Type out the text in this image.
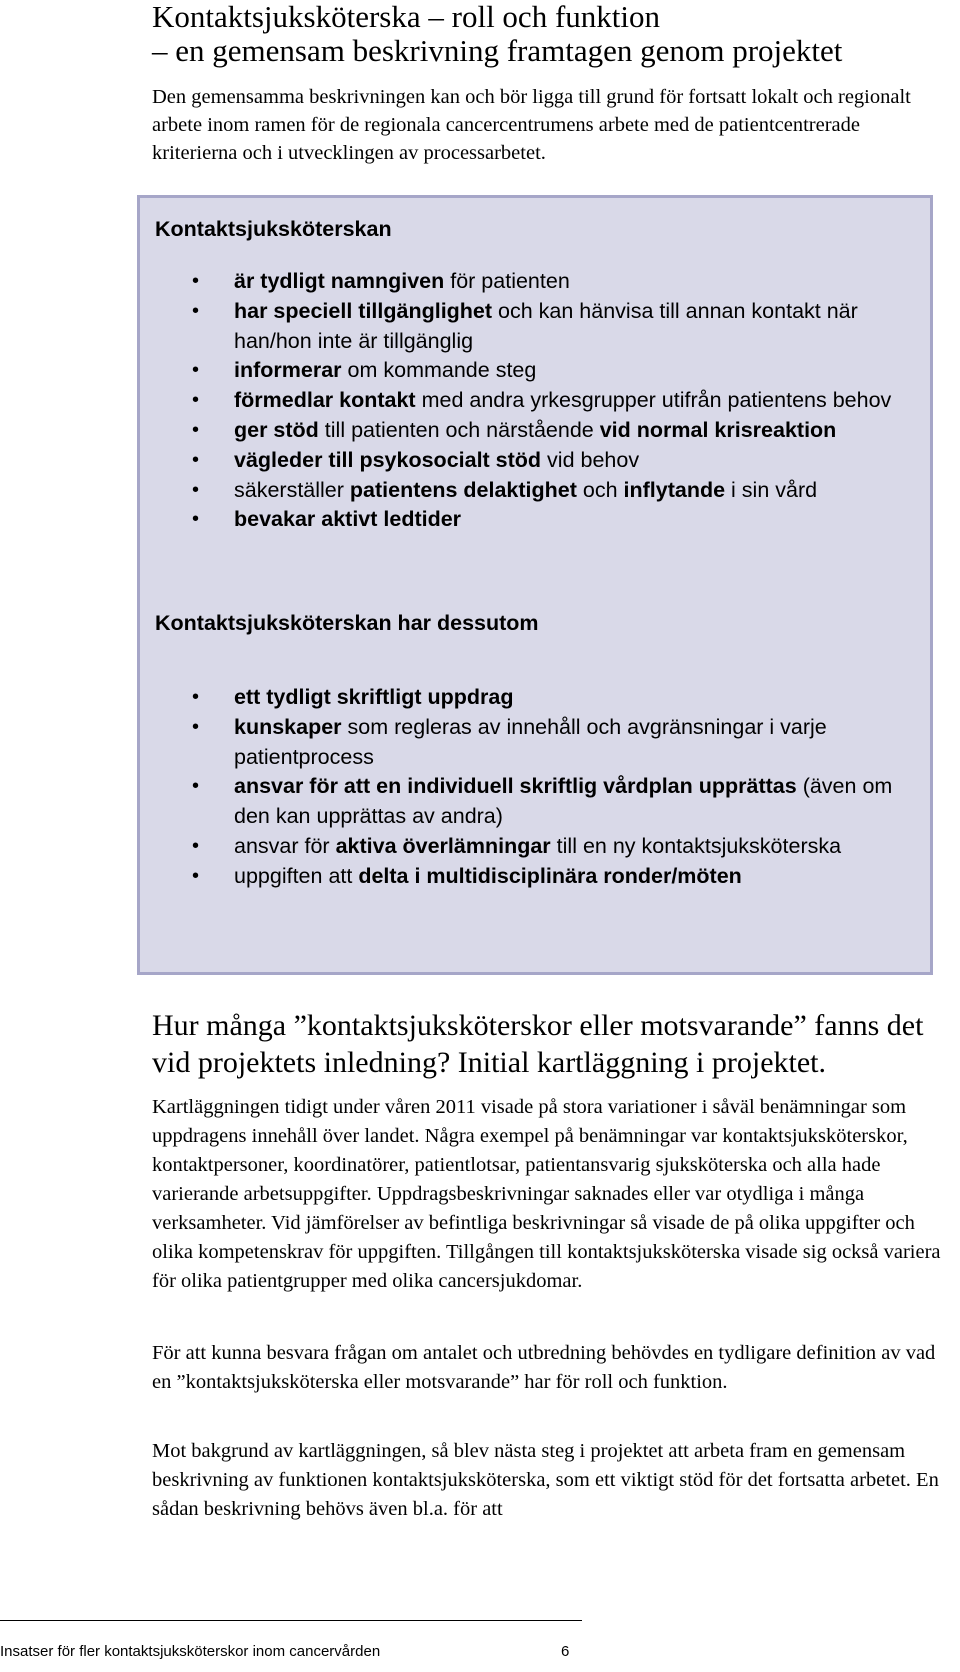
Kontaktsjuksköterska – roll och funktion
– en gemensam beskrivning framtagen genom projektet

Den gemensamma beskrivningen kan och bör ligga till grund för fortsatt lokalt och regionalt arbete inom ramen för de regionala cancercentrumens arbete med de patientcentrerade kriterierna och i utvecklingen av processarbetet.

Kontaktsjuksköterskan

• är tydligt namngiven för patienten
• har speciell tillgänglighet och kan hänvisa till annan kontakt när han/hon inte är tillgänglig
• informerar om kommande steg
• förmedlar kontakt med andra yrkesgrupper utifrån patientens behov
• ger stöd till patienten och närstående vid normal krisreaktion
• vägleder till psykosocialt stöd vid behov
• säkerställer patientens delaktighet och inflytande i sin vård
• bevakar aktivt ledtider

Kontaktsjuksköterskan har dessutom

• ett tydligt skriftligt uppdrag
• kunskaper som regleras av innehåll och avgränsningar i varje patientprocess
• ansvar för att en individuell skriftlig vårdplan upprättas (även om den kan upprättas av andra)
• ansvar för aktiva överlämningar till en ny kontaktsjuksköterska
• uppgiften att delta i multidisciplinära ronder/möten
Hur många ”kontaktsjuksköterskor eller motsvarande” fanns det vid projektets inledning? Initial kartläggning i projektet.

Kartläggningen tidigt under våren 2011 visade på stora variationer i såväl benämningar som uppdragens innehåll över landet. Några exempel på benämningar var kontaktsjuksköterskor, kontaktpersoner, koordinatörer, patientlotsar, patientansvarig sjuksköterska och alla hade varierande arbetsuppgifter. Uppdragsbeskrivningar saknades eller var otydliga i många verksamheter. Vid jämförelser av befintliga beskrivningar så visade de på olika uppgifter och olika kompetenskrav för uppgiften. Tillgången till kontaktsjuksköterska visade sig också variera för olika patientgrupper med olika cancersjukdomar.

För att kunna besvara frågan om antalet och utbredning behövdes en tydligare definition av vad en ”kontaktsjuksköterska eller motsvarande” har för roll och funktion.

Mot bakgrund av kartläggningen, så blev nästa steg i projektet att arbeta fram en gemensam beskrivning av funktionen kontaktsjuksköterska, som ett viktigt stöd för det fortsatta arbetet. En sådan beskrivning behövs även bl.a. för att

Insatser för fler kontaktsjuksköterskor inom cancervården	6
